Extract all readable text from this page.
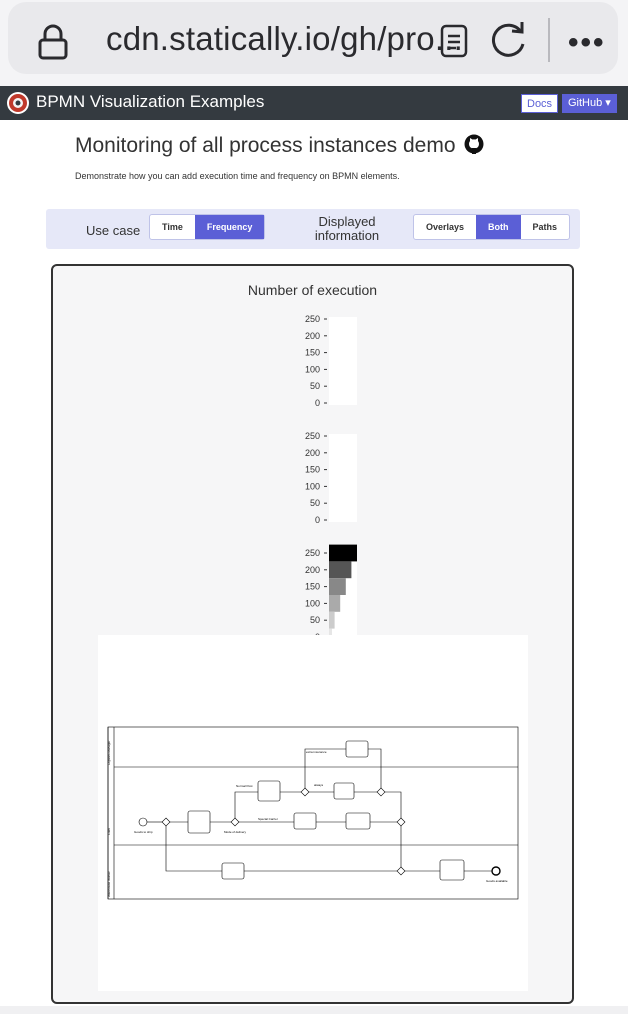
cdn.statically.io/gh/pro...	•••
BPMN Visualization Examples	Docs	GitHub ▾
Monitoring of all process instances demo
Demonstrate how you can add execution time and frequency on BPMN elements.
Use case	Time	Frequency	Displayed
information
Overlays	Both	Paths
Number of execution
250
200
150
100
50
0
250
200
150
100
50
0
250
200
150
100
50
Goods to ship
Normal Post
Special Carrier
Mode of delivery
always
extra insurance
Goods available
Logistics Manager
Clerk
Warehouse Worker
